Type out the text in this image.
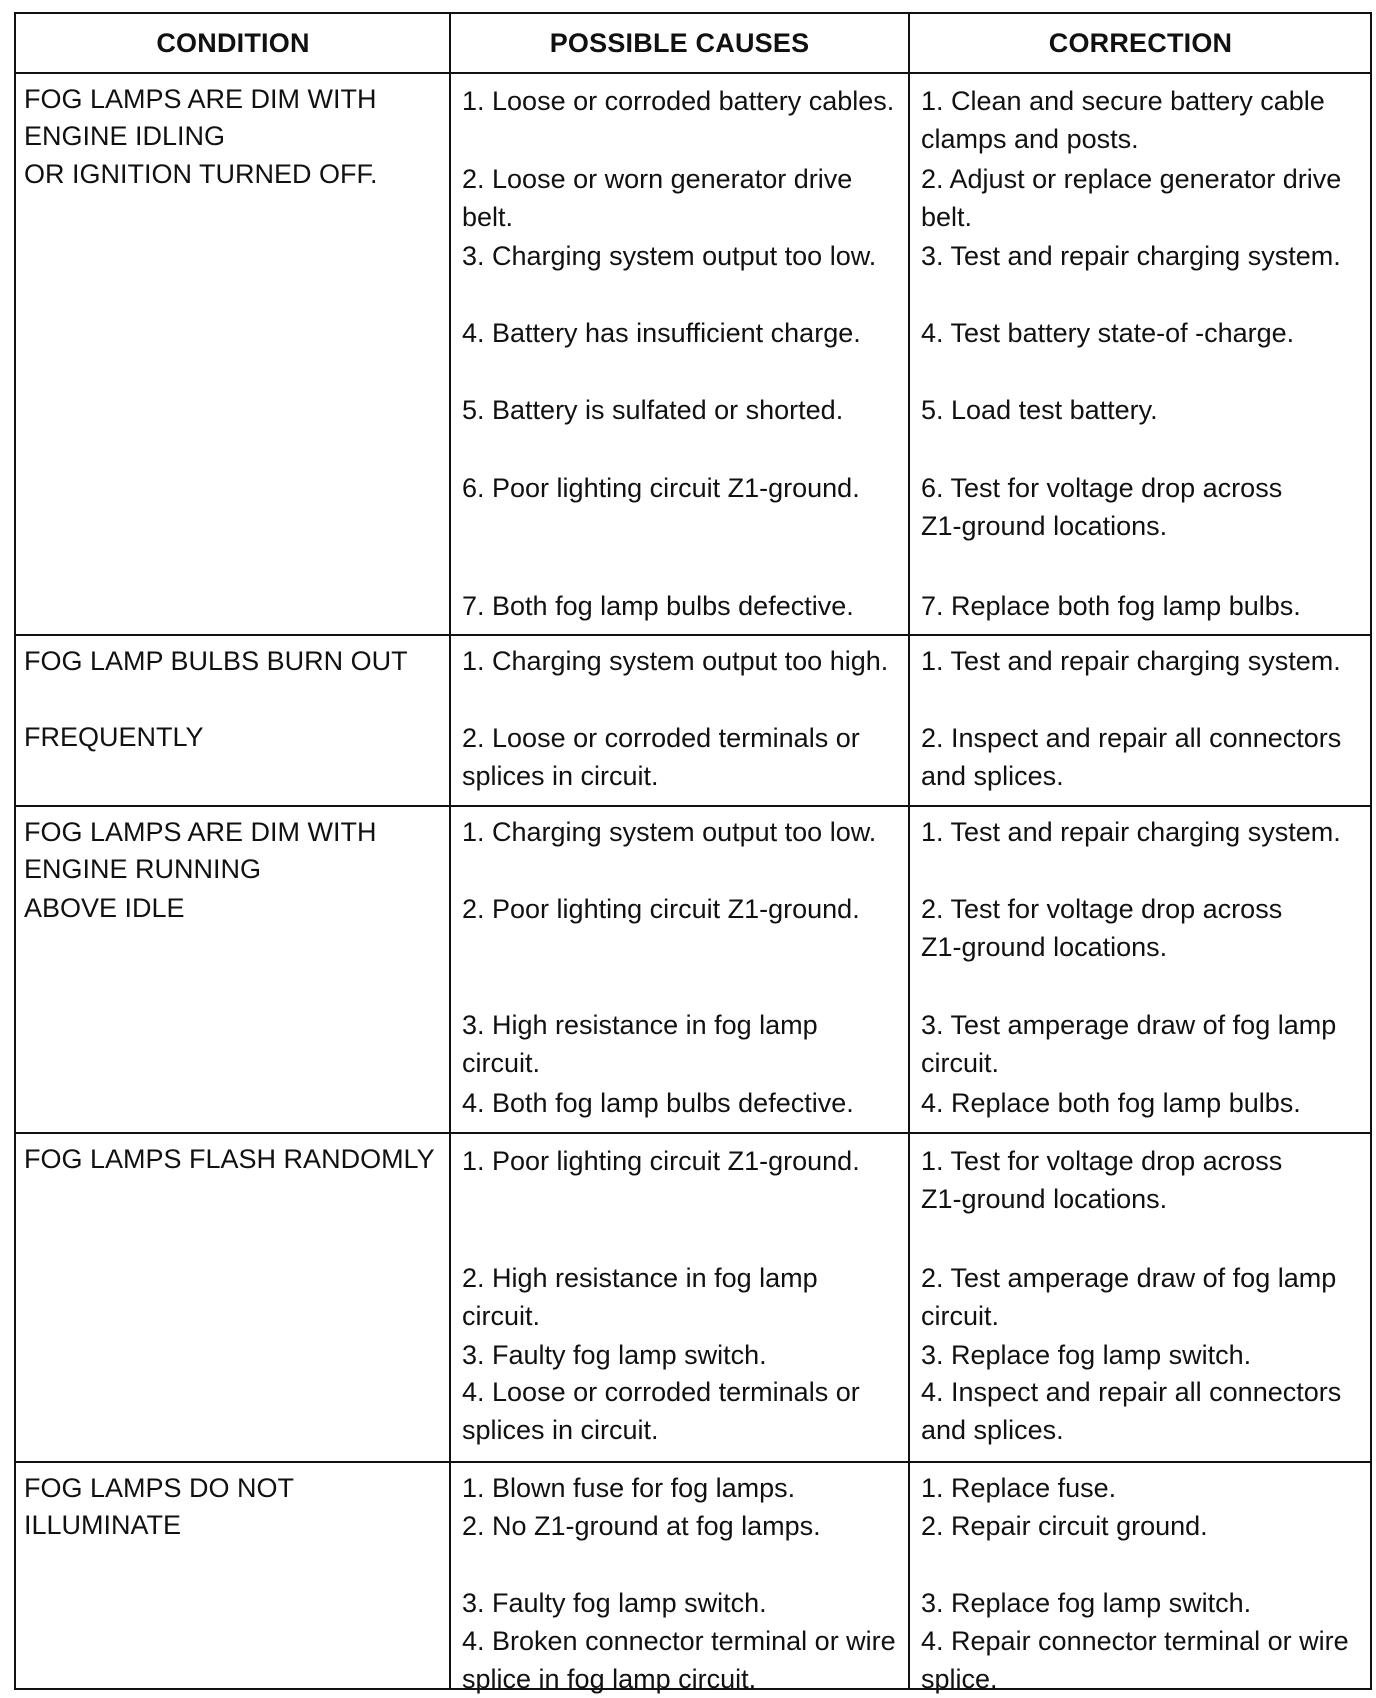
CONDITION	POSSIBLE CAUSES	CORRECTION
FOG LAMPS ARE DIM WITH
ENGINE IDLING
OR IGNITION TURNED OFF.
1. Loose or corroded battery cables.
2. Loose or worn generator drive
belt.
3. Charging system output too low.
4. Battery has insufficient charge.
5. Battery is sulfated or shorted.
6. Poor lighting circuit Z1-ground.
7. Both fog lamp bulbs defective.
1. Clean and secure battery cable
clamps and posts.
2. Adjust or replace generator drive
belt.
3. Test and repair charging system.
4. Test battery state-of -charge.
5. Load test battery.
6. Test for voltage drop across
Z1-ground locations.
7. Replace both fog lamp bulbs.
FOG LAMP BULBS BURN OUT
FREQUENTLY
1. Charging system output too high.
2. Loose or corroded terminals or
splices in circuit.
1. Test and repair charging system.
2. Inspect and repair all connectors
and splices.
FOG LAMPS ARE DIM WITH
ENGINE RUNNING
ABOVE IDLE
1. Charging system output too low.
2. Poor lighting circuit Z1-ground.
3. High resistance in fog lamp
circuit.
4. Both fog lamp bulbs defective.
1. Test and repair charging system.
2. Test for voltage drop across
Z1-ground locations.
3. Test amperage draw of fog lamp
circuit.
4. Replace both fog lamp bulbs.
FOG LAMPS FLASH RANDOMLY 1. Poor lighting circuit Z1-ground.
2. High resistance in fog lamp
circuit.
3. Faulty fog lamp switch.
4. Loose or corroded terminals or
splices in circuit.
1. Test for voltage drop across
Z1-ground locations.
2. Test amperage draw of fog lamp
circuit.
3. Replace fog lamp switch.
4. Inspect and repair all connectors
and splices.
FOG LAMPS DO NOT
ILLUMINATE
1. Blown fuse for fog lamps.
2. No Z1-ground at fog lamps.
3. Faulty fog lamp switch.
4. Broken connector terminal or wire
splice in fog lamp circuit.
1. Replace fuse.
2. Repair circuit ground.
3. Replace fog lamp switch.
4. Repair connector terminal or wire
splice.
